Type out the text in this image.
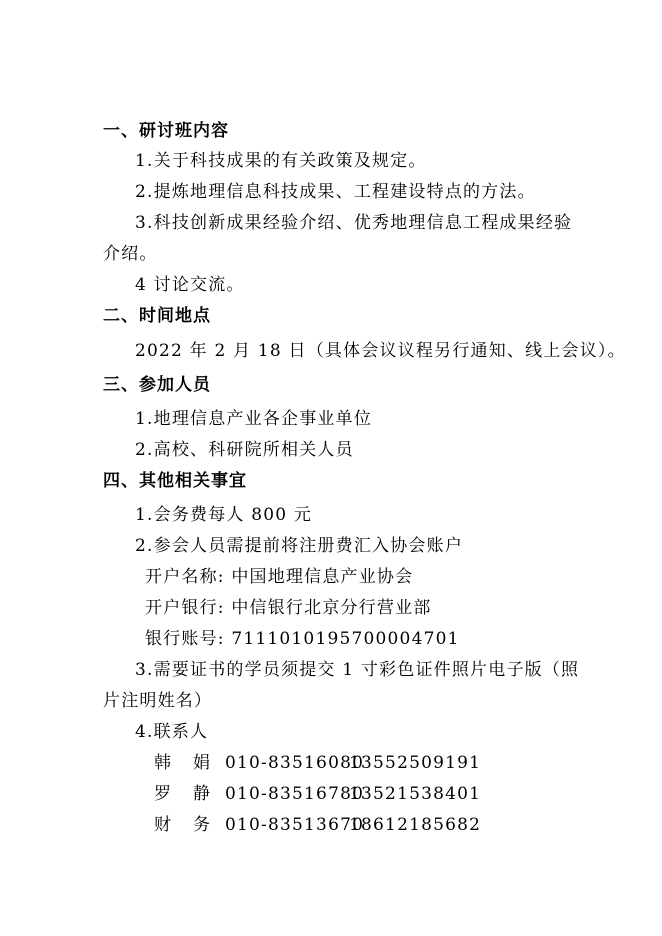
一、研讨班内容
1.关于科技成果的有关政策及规定。
2.提炼地理信息科技成果、工程建设特点的方法。
3.科技创新成果经验介绍、优秀地理信息工程成果经验
介绍。
4 讨论交流。
二、时间地点
2022 年 2 月 18 日（具体会议议程另行通知、线上会议）。
三、参加人员
1.地理信息产业各企事业单位
2.高校、科研院所相关人员
四、其他相关事宜
1.会务费每人 800 元
2.参会人员需提前将注册费汇入协会账户
开户名称: 中国地理信息产业协会
开户银行: 中信银行北京分行营业部
银行账号: 7111010195700004701
3.需要证书的学员须提交 1 寸彩色证件照片电子版（照
片注明姓名）
4.联系人
韩娟
010-83516080
13552509191
罗静
010-83516780
13521538401
财务
010-83513670
18612185682
